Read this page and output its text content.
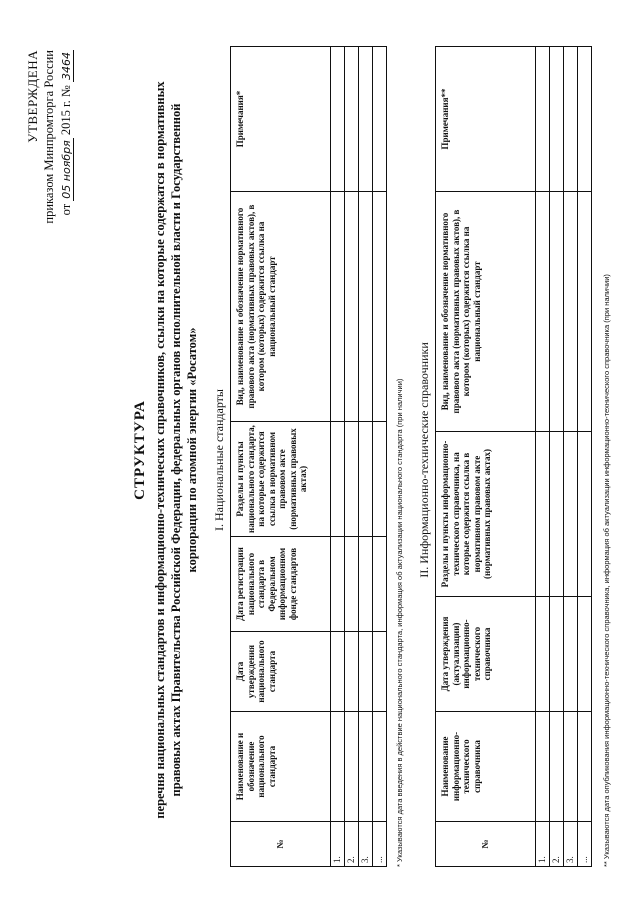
УТВЕРЖДЕНА приказом Минпромторга России от 05 ноября 2015 г. № 3464
СТРУКТУРА перечня национальных стандартов и информационно-технических справочников, ссылки на которые содержатся в нормативных правовых актах Правительства Российской Федерации, федеральных органов исполнительной власти и Государственной корпорации по атомной энергии «Росатом» I. Национальные стандарты
№	Наименование и обозначение национального стандарта	Дата утверждения национального стандарта	Дата регистрации национального стандарта в Федеральном информационном фонде стандартов	Разделы и пункты национального стандарта, на которые содержится ссылка в нормативном правовом акте (нормативных правовых актах)	Вид, наименование и обозначение нормативного правового акта (нормативных правовых актов), в котором (которых) содержится ссылка на национальный стандарт	Примечания*
1.						
2.						
3.						
...						* Указываются дата введения в действие национального стандарта, информация об актуализации национального стандарта (при наличии) II. Информационно-технические справочники
№	Наименование информационно-технического справочника	Дата утверждения (актуализации) информационно-технического справочника	Разделы и пункты информационно-технического справочника, на которые содержится ссылка в нормативном правовом акте (нормативных правовых актах)	Вид, наименование и обозначение нормативного правового акта (нормативных правовых актов), в котором (которых) содержится ссылка на национальный стандарт	Примечания**
1.					
2.					
3.					
...					** Указываются дата опубликования информационно-технического справочника, информация об актуализации информационно-технического справочника (при наличии)
